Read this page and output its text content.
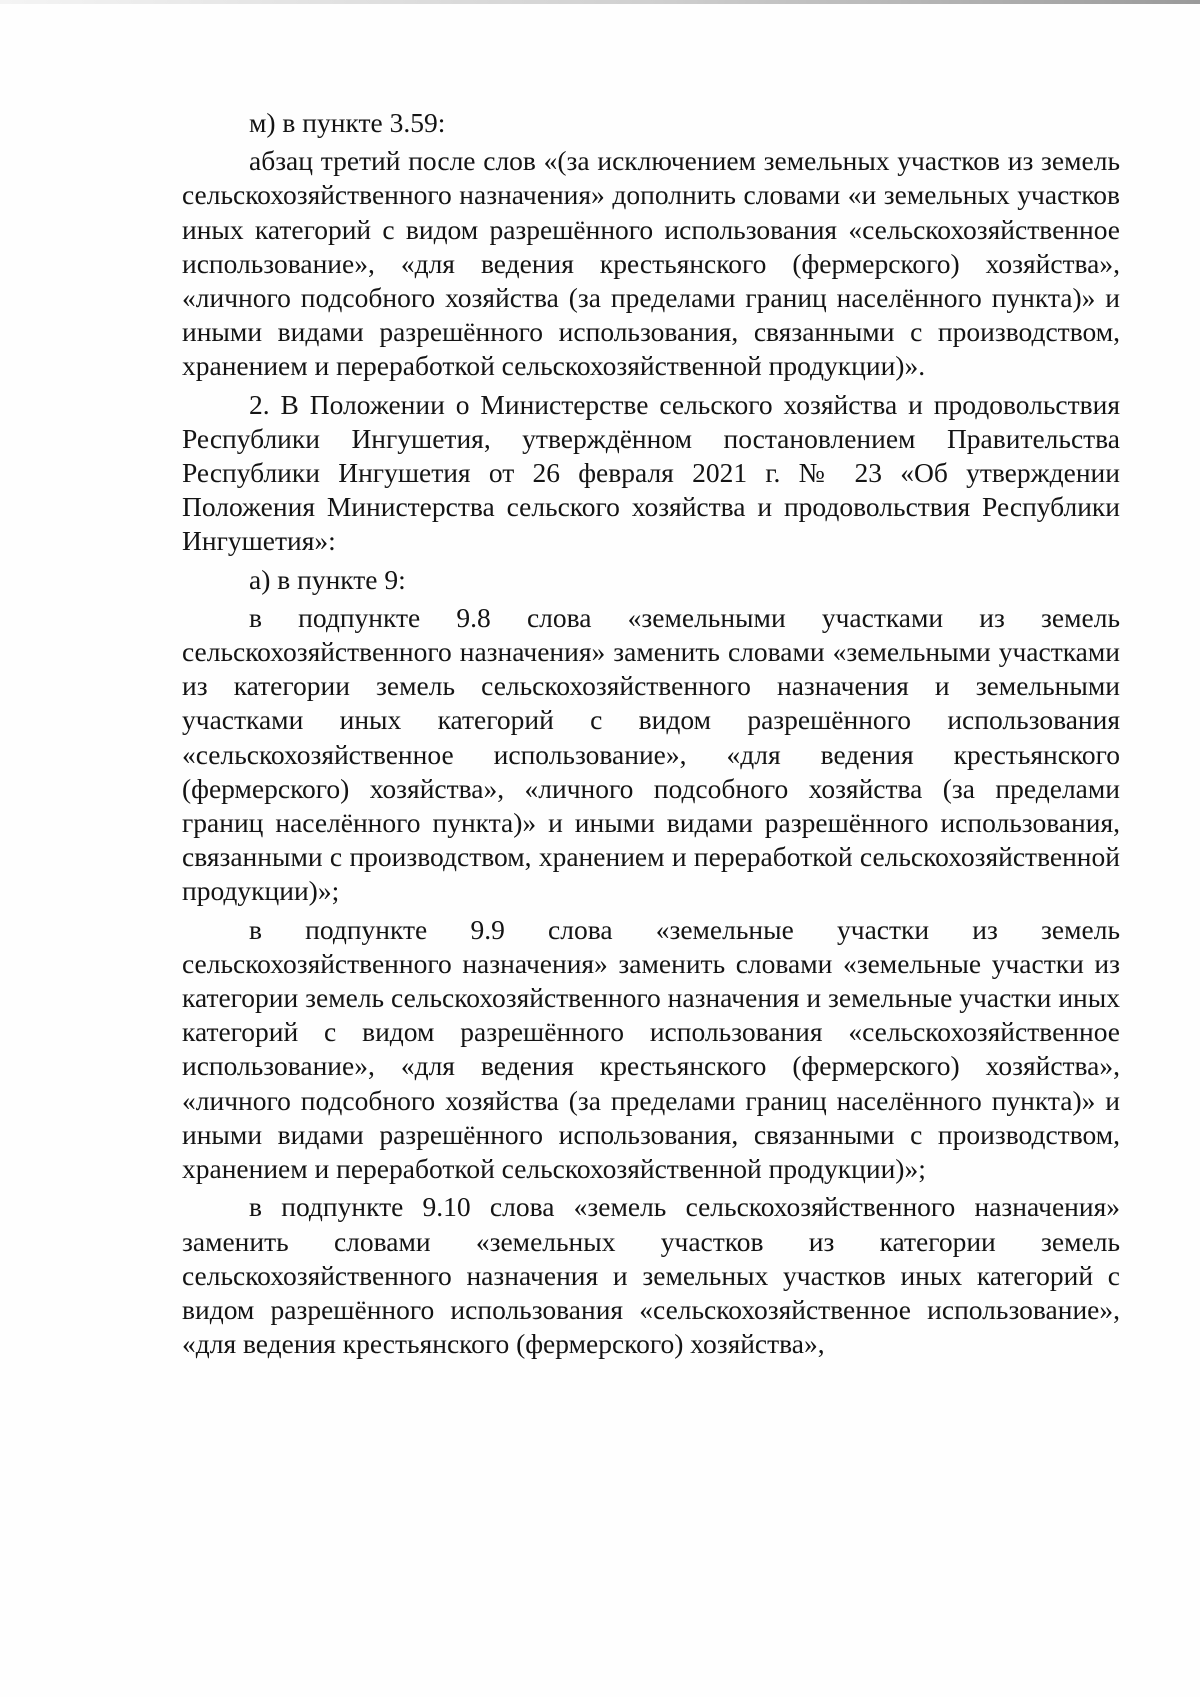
м) в пункте 3.59:

абзац третий после слов «(за исключением земельных участков из земель сельскохозяйственного назначения» дополнить словами «и земельных участков иных категорий с видом разрешённого использования «сельскохозяйственное использование», «для ведения крестьянского (фермерского) хозяйства», «личного подсобного хозяйства (за пределами границ населённого пункта)» и иными видами разрешённого использования, связанными с производством, хранением и переработкой сельскохозяйственной продукции)».

2. В Положении о Министерстве сельского хозяйства и продовольствия Республики Ингушетия, утверждённом постановлением Правительства Республики Ингушетия от 26 февраля 2021 г. № 23 «Об утверждении Положения Министерства сельского хозяйства и продовольствия Республики Ингушетия»:

а) в пункте 9:

в подпункте 9.8 слова «земельными участками из земель сельскохозяйственного назначения» заменить словами «земельными участками из категории земель сельскохозяйственного назначения и земельными участками иных категорий с видом разрешённого использования «сельскохозяйственное использование», «для ведения крестьянского (фермерского) хозяйства», «личного подсобного хозяйства (за пределами границ населённого пункта)» и иными видами разрешённого использования, связанными с производством, хранением и переработкой сельскохозяйственной продукции)»;

в подпункте 9.9 слова «земельные участки из земель сельскохозяйственного назначения» заменить словами «земельные участки из категории земель сельскохозяйственного назначения и земельные участки иных категорий с видом разрешённого использования «сельскохозяйственное использование», «для ведения крестьянского (фермерского) хозяйства», «личного подсобного хозяйства (за пределами границ населённого пункта)» и иными видами разрешённого использования, связанными с производством, хранением и переработкой сельскохозяйственной продукции)»;

в подпункте 9.10 слова «земель сельскохозяйственного назначения» заменить словами «земельных участков из категории земель сельскохозяйственного назначения и земельных участков иных категорий с видом разрешённого использования «сельскохозяйственное использование», «для ведения крестьянского (фермерского) хозяйства»,
